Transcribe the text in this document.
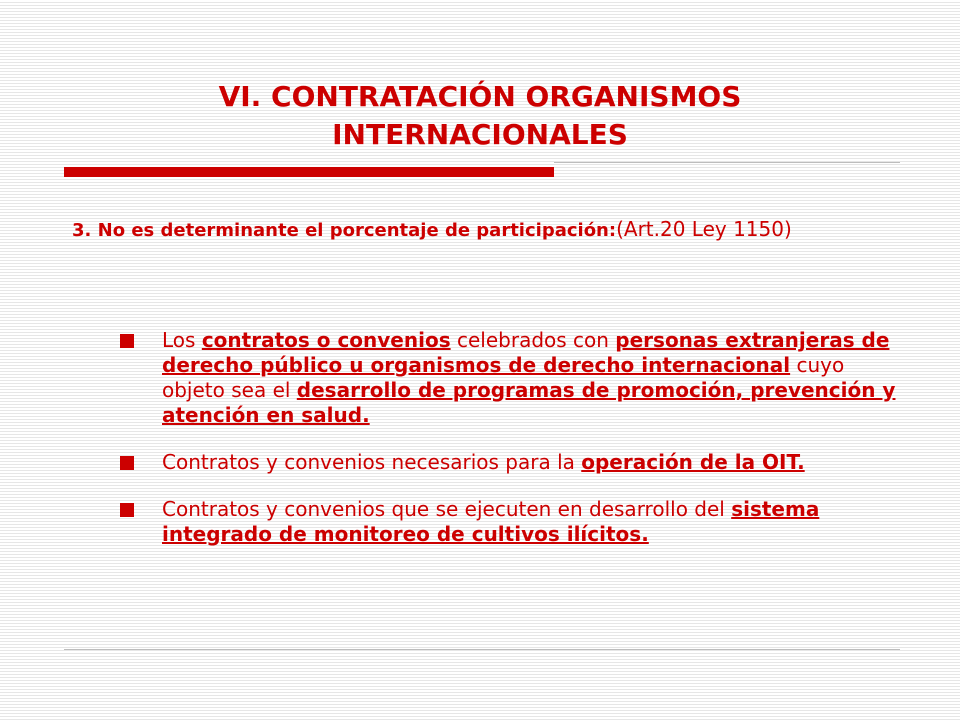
VI. CONTRATACIÓN ORGANISMOS
INTERNACIONALES

3. No es determinante el porcentaje de participación:(Art.20 Ley 1150)

Los contratos o convenios celebrados con personas extranjeras de derecho público u organismos de derecho internacional cuyo objeto sea el desarrollo de programas de promoción, prevención y atención en salud.
Contratos y convenios necesarios para la operación de la OIT.
Contratos y convenios que se ejecuten en desarrollo del sistema integrado de monitoreo de cultivos ilícitos.
